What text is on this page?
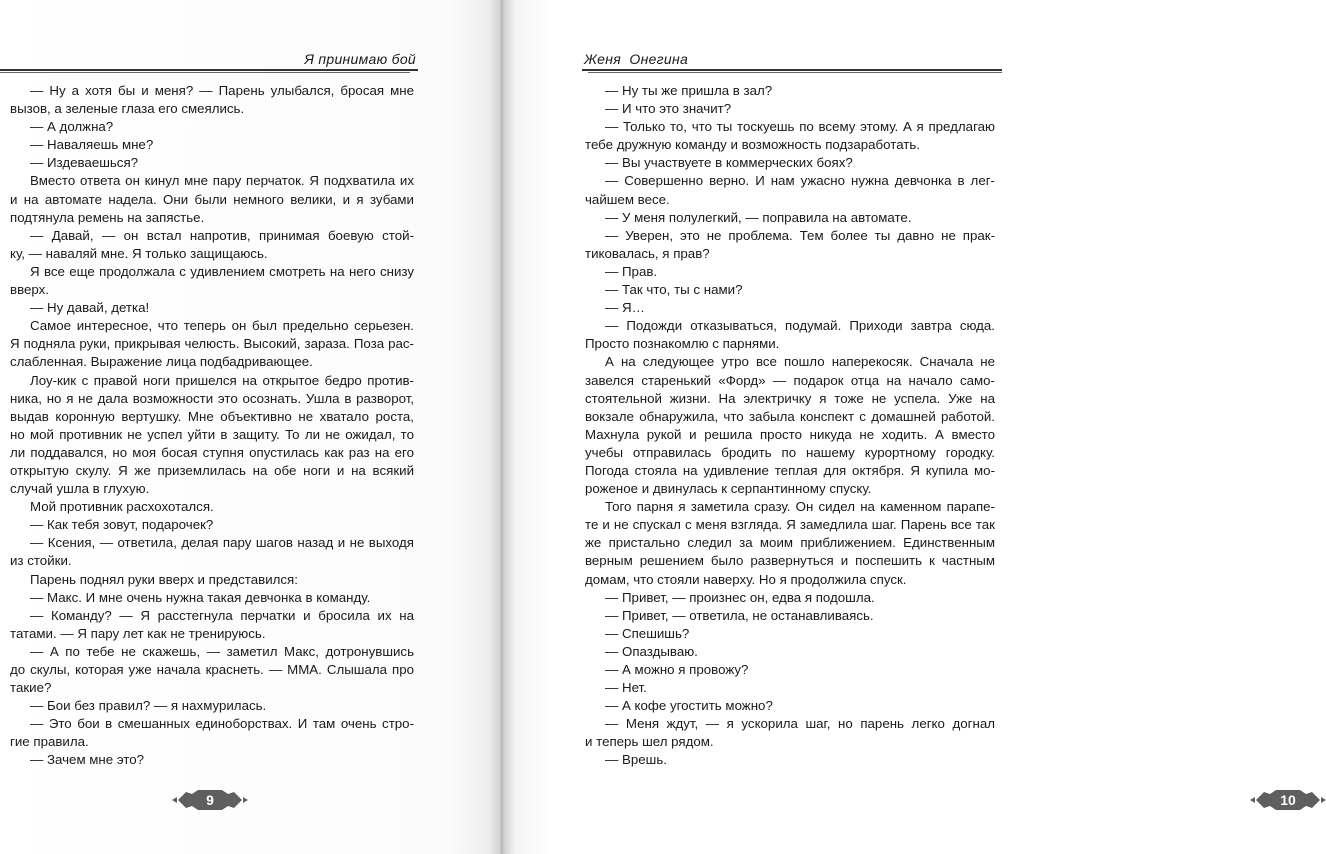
Я принимаю бой
— Ну а хотя бы и меня? — Парень улыбался, бросая мне
вызов, а зеленые глаза его смеялись.
— А должна?
— Наваляешь мне?
— Издеваешься?
Вместо ответа он кинул мне пару перчаток. Я подхватила их
и на автомате надела. Они были немного велики, и я зубами
подтянула ремень на запястье.
— Давай, — он встал напротив, принимая боевую стой-
ку, — наваляй мне. Я только защищаюсь.
Я все еще продолжала с удивлением смотреть на него снизу
вверх.
— Ну давай, детка!
Самое интересное, что теперь он был предельно серьезен.
Я подняла руки, прикрывая челюсть. Высокий, зараза. Поза рас-
слабленная. Выражение лица подбадривающее.
Лоу-кик с правой ноги пришелся на открытое бедро против-
ника, но я не дала возможности это осознать. Ушла в разворот,
выдав коронную вертушку. Мне объективно не хватало роста,
но мой противник не успел уйти в защиту. То ли не ожидал, то
ли поддавался, но моя босая ступня опустилась как раз на его
открытую скулу. Я же приземлилась на обе ноги и на всякий
случай ушла в глухую.
Мой противник расхохотался.
— Как тебя зовут, подарочек?
— Ксения, — ответила, делая пару шагов назад и не выходя
из стойки.
Парень поднял руки вверх и представился:
— Макс. И мне очень нужна такая девчонка в команду.
— Команду? — Я расстегнула перчатки и бросила их на
татами. — Я пару лет как не тренируюсь.
— А по тебе не скажешь, — заметил Макс, дотронувшись
до скулы, которая уже начала краснеть. — ММА. Слышала про
такие?
— Бои без правил? — я нахмурилась.
— Это бои в смешанных единоборствах. И там очень стро-
гие правила.
— Зачем мне это?
9
Женя  Онегина
— Ну ты же пришла в зал?
— И что это значит?
— Только то, что ты тоскуешь по всему этому. А я предлагаю
тебе дружную команду и возможность подзаработать.
— Вы участвуете в коммерческих боях?
— Совершенно верно. И нам ужасно нужна девчонка в лег-
чайшем весе.
— У меня полулегкий, — поправила на автомате.
— Уверен, это не проблема. Тем более ты давно не прак-
тиковалась, я прав?
— Прав.
— Так что, ты с нами?
— Я…
— Подожди отказываться, подумай. Приходи завтра сюда.
Просто познакомлю с парнями.
А на следующее утро все пошло наперекосяк. Сначала не
завелся старенький «Форд» — подарок отца на начало само-
стоятельной жизни. На электричку я тоже не успела. Уже на
вокзале обнаружила, что забыла конспект с домашней работой.
Махнула рукой и решила просто никуда не ходить. А вместо
учебы отправилась бродить по нашему курортному городку.
Погода стояла на удивление теплая для октября. Я купила мо-
роженое и двинулась к серпантинному спуску.
Того парня я заметила сразу. Он сидел на каменном парапе-
те и не спускал с меня взгляда. Я замедлила шаг. Парень все так
же пристально следил за моим приближением. Единственным
верным решением было развернуться и поспешить к частным
домам, что стояли наверху. Но я продолжила спуск.
— Привет, — произнес он, едва я подошла.
— Привет, — ответила, не останавливаясь.
— Спешишь?
— Опаздываю.
— А можно я провожу?
— Нет.
— А кофе угостить можно?
— Меня ждут, — я ускорила шаг, но парень легко догнал
и теперь шел рядом.
— Врешь.
10
